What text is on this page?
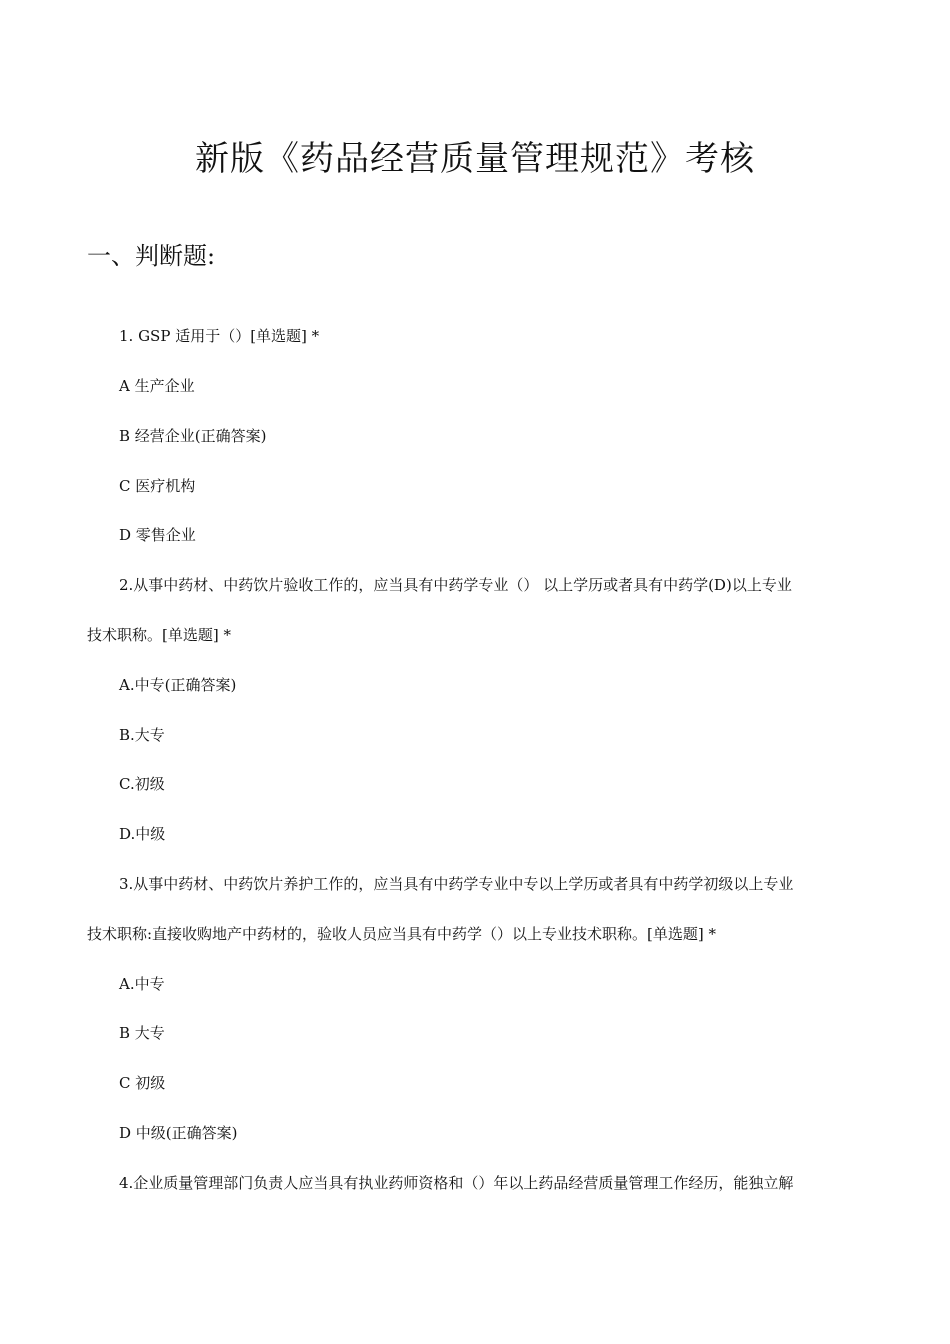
新版《药品经营质量管理规范》考核
一、判断题:
1. GSP 适用于（）[单选题] *
A 生产企业
B 经营企业(正确答案)
C 医疗机构
D 零售企业
2.从事中药材、中药饮片验收工作的，应当具有中药学专业（） 以上学历或者具有中药学(D)以上专业
技术职称。[单选题] *
A.中专(正确答案)
B.大专
C.初级
D.中级
3.从事中药材、中药饮片养护工作的，应当具有中药学专业中专以上学历或者具有中药学初级以上专业
技术职称:直接收购地产中药材的，验收人员应当具有中药学（）以上专业技术职称。[单选题] *
A.中专
B 大专
C 初级
D 中级(正确答案)
4.企业质量管理部门负责人应当具有执业药师资格和（）年以上药品经营质量管理工作经历，能独立解
